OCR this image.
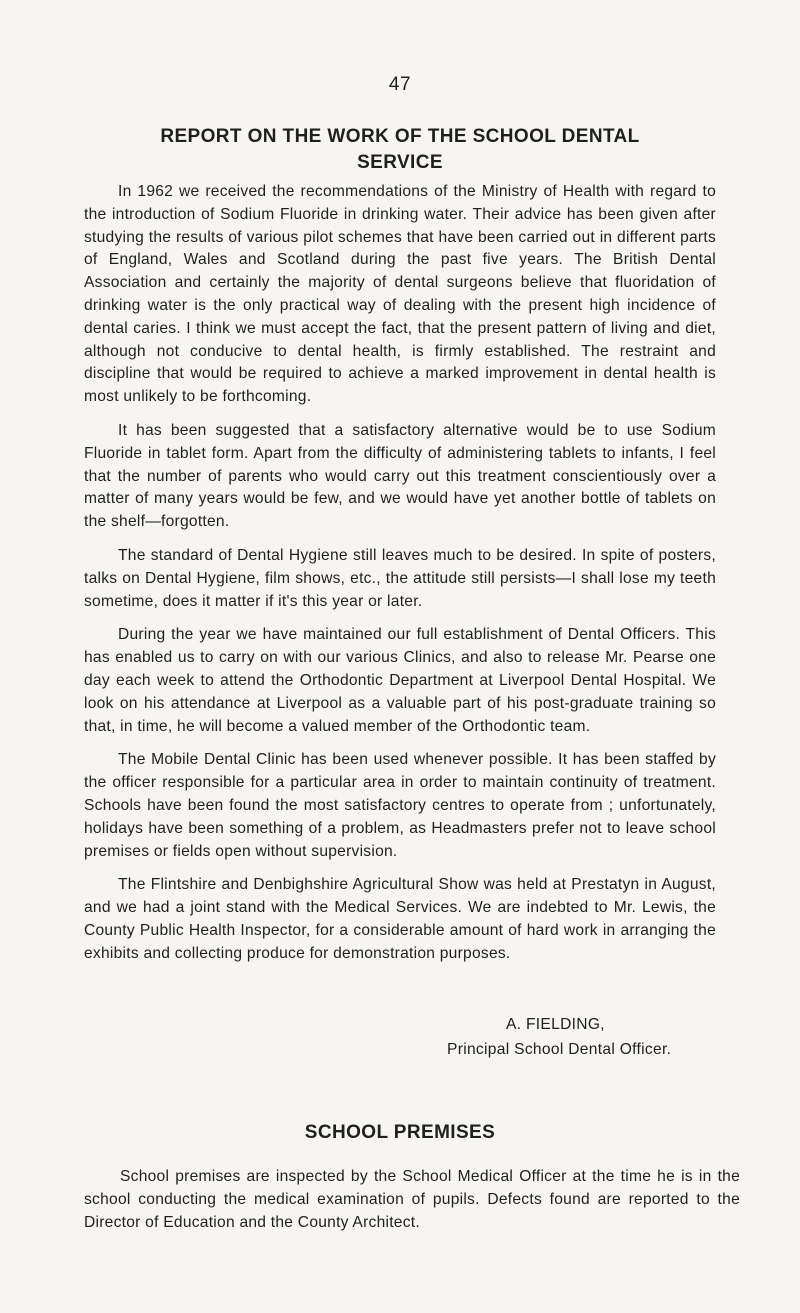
47
REPORT ON THE WORK OF THE SCHOOL DENTAL
SERVICE

In 1962 we received the recommendations of the Ministry of Health with regard to the introduction of Sodium Fluoride in drinking water. Their advice has been given after studying the results of various pilot schemes that have been carried out in different parts of England, Wales and Scotland during the past five years. The British Dental Association and certainly the majority of dental surgeons believe that fluoridation of drinking water is the only practical way of dealing with the present high incidence of dental caries. I think we must accept the fact, that the present pattern of living and diet, although not conducive to dental health, is firmly established. The restraint and discipline that would be required to achieve a marked improvement in dental health is most unlikely to be forthcoming.

It has been suggested that a satisfactory alternative would be to use Sodium Fluoride in tablet form. Apart from the difficulty of administering tablets to infants, I feel that the number of parents who would carry out this treatment conscientiously over a matter of many years would be few, and we would have yet another bottle of tablets on the shelf—forgotten.

The standard of Dental Hygiene still leaves much to be desired. In spite of posters, talks on Dental Hygiene, film shows, etc., the attitude still persists—I shall lose my teeth sometime, does it matter if it's this year or later.

During the year we have maintained our full establishment of Dental Officers. This has enabled us to carry on with our various Clinics, and also to release Mr. Pearse one day each week to attend the Orthodontic Department at Liverpool Dental Hospital. We look on his attendance at Liverpool as a valuable part of his post-graduate training so that, in time, he will become a valued member of the Orthodontic team.

The Mobile Dental Clinic has been used whenever possible. It has been staffed by the officer responsible for a particular area in order to maintain continuity of treatment. Schools have been found the most satisfactory centres to operate from ; unfortunately, holidays have been something of a problem, as Headmasters prefer not to leave school premises or fields open without supervision.

The Flintshire and Denbighshire Agricultural Show was held at Prestatyn in August, and we had a joint stand with the Medical Services. We are indebted to Mr. Lewis, the County Public Health Inspector, for a considerable amount of hard work in arranging the exhibits and collecting produce for demonstration purposes.

A. FIELDING,
Principal School Dental Officer.
SCHOOL PREMISES

School premises are inspected by the School Medical Officer at the time he is in the school conducting the medical examination of pupils. Defects found are reported to the Director of Education and the County Architect.
